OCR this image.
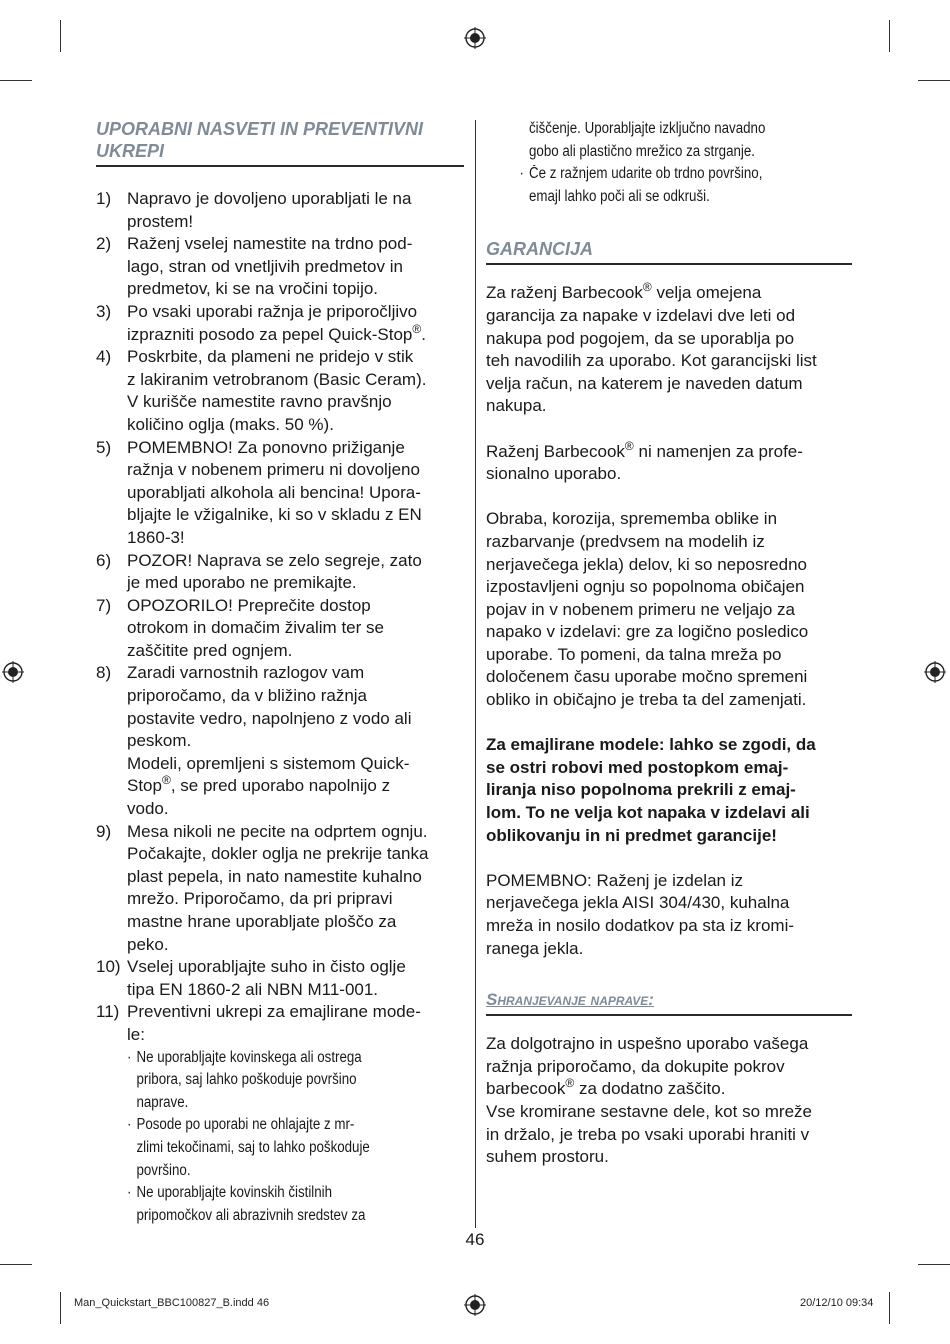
UPORABNI NASVETI IN PREVENTIVNI
UKREPI
1) Napravo je dovoljeno uporabljati le na
prostem!
2) Raženj vselej namestite na trdno pod-
lago, stran od vnetljivih predmetov in
predmetov, ki se na vročini topijo.
3) Po vsaki uporabi ražnja je priporočljivo
izprazniti posodo za pepel Quick-Stop®.
4) Poskrbite, da plameni ne pridejo v stik
z lakiranim vetrobranom (Basic Ceram).
V kurišče namestite ravno pravšnjo
količino oglja (maks. 50 %).
5) POMEMBNO! Za ponovno prižiganje
ražnja v nobenem primeru ni dovoljeno
uporabljati alkohola ali bencina! Upora-
bljajte le vžigalnike, ki so v skladu z EN
1860-3!
6) POZOR! Naprava se zelo segreje, zato
je med uporabo ne premikajte.
7) OPOZORILO! Preprečite dostop
otrokom in domačim živalim ter se
zaščitite pred ognjem.
8) Zaradi varnostnih razlogov vam
priporočamo, da v bližino ražnja
postavite vedro, napolnjeno z vodo ali
peskom.
Modeli, opremljeni s sistemom Quick-
Stop®, se pred uporabo napolnijo z
vodo.
9) Mesa nikoli ne pecite na odprtem ognju.
Počakajte, dokler oglja ne prekrije tanka
plast pepela, in nato namestite kuhalno
mrežo. Priporočamo, da pri pripravi
mastne hrane uporabljate ploščo za
peko.
10) Vselej uporabljajte suho in čisto oglje
tipa EN 1860-2 ali NBN M11-001.
11) Preventivni ukrepi za emajlirane mode-
le:
· Ne uporabljajte kovinskega ali ostrega
pribora, saj lahko poškoduje površino
naprave.
· Posode po uporabi ne ohlajajte z mr-
zlimi tekočinami, saj to lahko poškoduje
površino.
· Ne uporabljajte kovinskih čistilnih
pripomočkov ali abrazivnih sredstev za
čiščenje. Uporabljajte izključno navadno
gobo ali plastično mrežico za strganje.
· Če z ražnjem udarite ob trdno površino,
emajl lahko poči ali se odkruši.
GARANCIJA

Za raženj Barbecook® velja omejena
garancija za napake v izdelavi dve leti od
nakupa pod pogojem, da se uporablja po
teh navodilih za uporabo. Kot garancijski list
velja račun, na katerem je naveden datum
nakupa.

Raženj Barbecook® ni namenjen za profe-
sionalno uporabo.

Obraba, korozija, sprememba oblike in
razbarvanje (predvsem na modelih iz
nerjavečega jekla) delov, ki so neposredno
izpostavljeni ognju so popolnoma običajen
pojav in v nobenem primeru ne veljajo za
napako v izdelavi: gre za logično posledico
uporabe. To pomeni, da talna mreža po
določenem času uporabe močno spremeni
obliko in običajno je treba ta del zamenjati.

Za emajlirane modele: lahko se zgodi, da
se ostri robovi med postopkom emaj-
liranja niso popolnoma prekrili z emaj-
lom. To ne velja kot napaka v izdelavi ali
oblikovanju in ni predmet garancije!

POMEMBNO: Raženj je izdelan iz
nerjavečega jekla AISI 304/430, kuhalna
mreža in nosilo dodatkov pa sta iz kromi-
ranega jekla.

Shranjevanje naprave:

Za dolgotrajno in uspešno uporabo vašega
ražnja priporočamo, da dokupite pokrov
barbecook® za dodatno zaščito.
Vse kromirane sestavne dele, kot so mreže
in držalo, je treba po vsaki uporabi hraniti v
suhem prostoru.

46
Man_Quickstart_BBC100827_B.indd 46	20/12/10 09:34
